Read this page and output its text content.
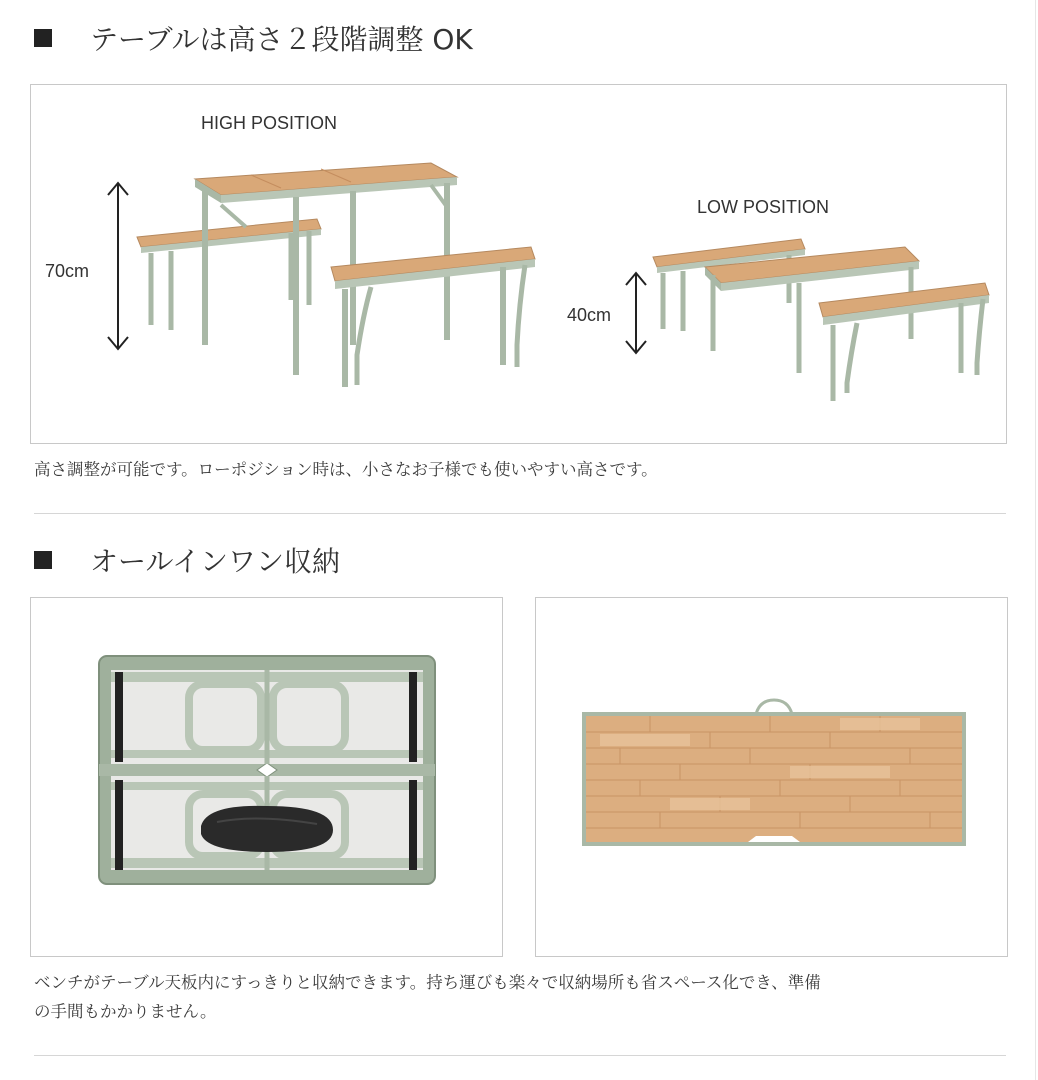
テーブルは高さ２段階調整 OK
HIGH POSITION
LOW POSITION
70cm
40cm
高さ調整が可能です。ローポジション時は、小さなお子様でも使いやすい高さです。
オールインワン収納
ベンチがテーブル天板内にすっきりと収納できます。持ち運びも楽々で収納場所も省スペース化でき、準備
の手間もかかりません。
